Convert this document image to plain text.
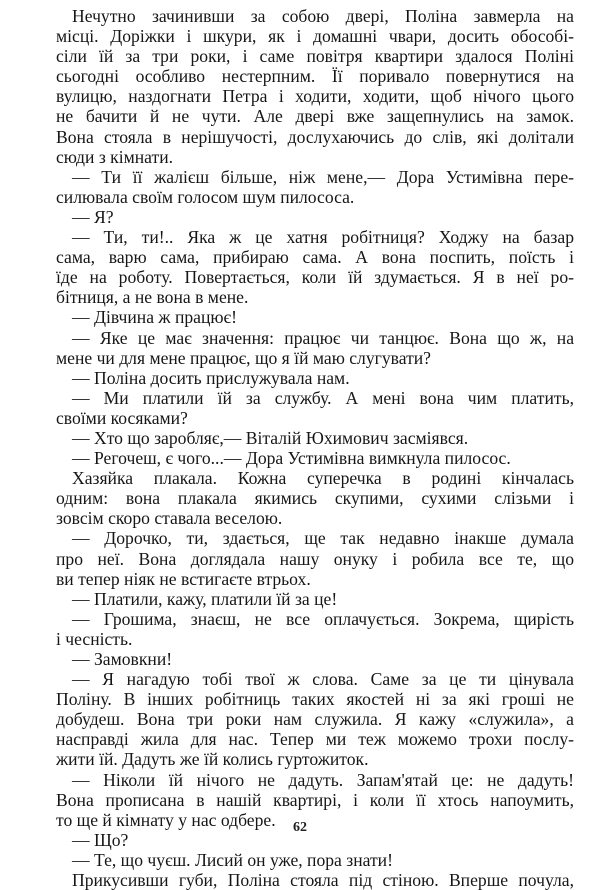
Нечутно зачинивши за собою двері, Поліна завмерла на
місці. Доріжки і шкури, як і домашні чвари, досить обособі-
сіли їй за три роки, і саме повітря квартири здалося Поліні
сьогодні особливо нестерпним. Її поривало повернутися на
вулицю, наздогнати Петра і ходити, ходити, щоб нічого цього
не бачити й не чути. Але двері вже защепнулись на замок.
Вона стояла в нерішучості, дослухаючись до слів, які долітали
сюди з кімнати.
— Ти її жалієш більше, ніж мене,— Дора Устимівна пере-
силювала своїм голосом шум пилососа.
— Я?
— Ти, ти!.. Яка ж це хатня робітниця? Ходжу на базар
сама, варю сама, прибираю сама. А вона поспить, поїсть і
їде на роботу. Повертається, коли їй здумається. Я в неї ро-
бітниця, а не вона в мене.
— Дівчина ж працює!
— Яке це має значення: працює чи танцює. Вона що ж, на
мене чи для мене працює, що я їй маю слугувати?
— Поліна досить прислужувала нам.
— Ми платили їй за службу. А мені вона чим платить,
своїми косяками?
— Хто що заробляє,— Віталій Юхимович засміявся.
— Регочеш, є чого...— Дора Устимівна вимкнула пилосос.
Хазяйка плакала. Кожна суперечка в родині кінчалась
одним: вона плакала якимись скупими, сухими слізьми і
зовсім скоро ставала веселою.
— Дорочко, ти, здається, ще так недавно інакше думала
про неї. Вона доглядала нашу онуку і робила все те, що
ви тепер ніяк не встигаєте втрьох.
— Платили, кажу, платили їй за це!
— Грошима, знаєш, не все оплачується. Зокрема, щирість
і чесність.
— Замовкни!
— Я нагадую тобі твої ж слова. Саме за це ти цінувала
Поліну. В інших робітниць таких якостей ні за які гроші не
добудеш. Вона три роки нам служила. Я кажу «служила», а
насправді жила для нас. Тепер ми теж можемо трохи послу-
жити їй. Дадуть же їй колись гуртожиток.
— Ніколи їй нічого не дадуть. Запам'ятай це: не дадуть!
Вона прописана в нашій квартирі, і коли її хтось напоумить,
то ще й кімнату у нас одбере.
— Що?
— Те, що чуєш. Лисий он уже, пора знати!
Прикусивши губи, Поліна стояла під стіною. Вперше почула,
62
